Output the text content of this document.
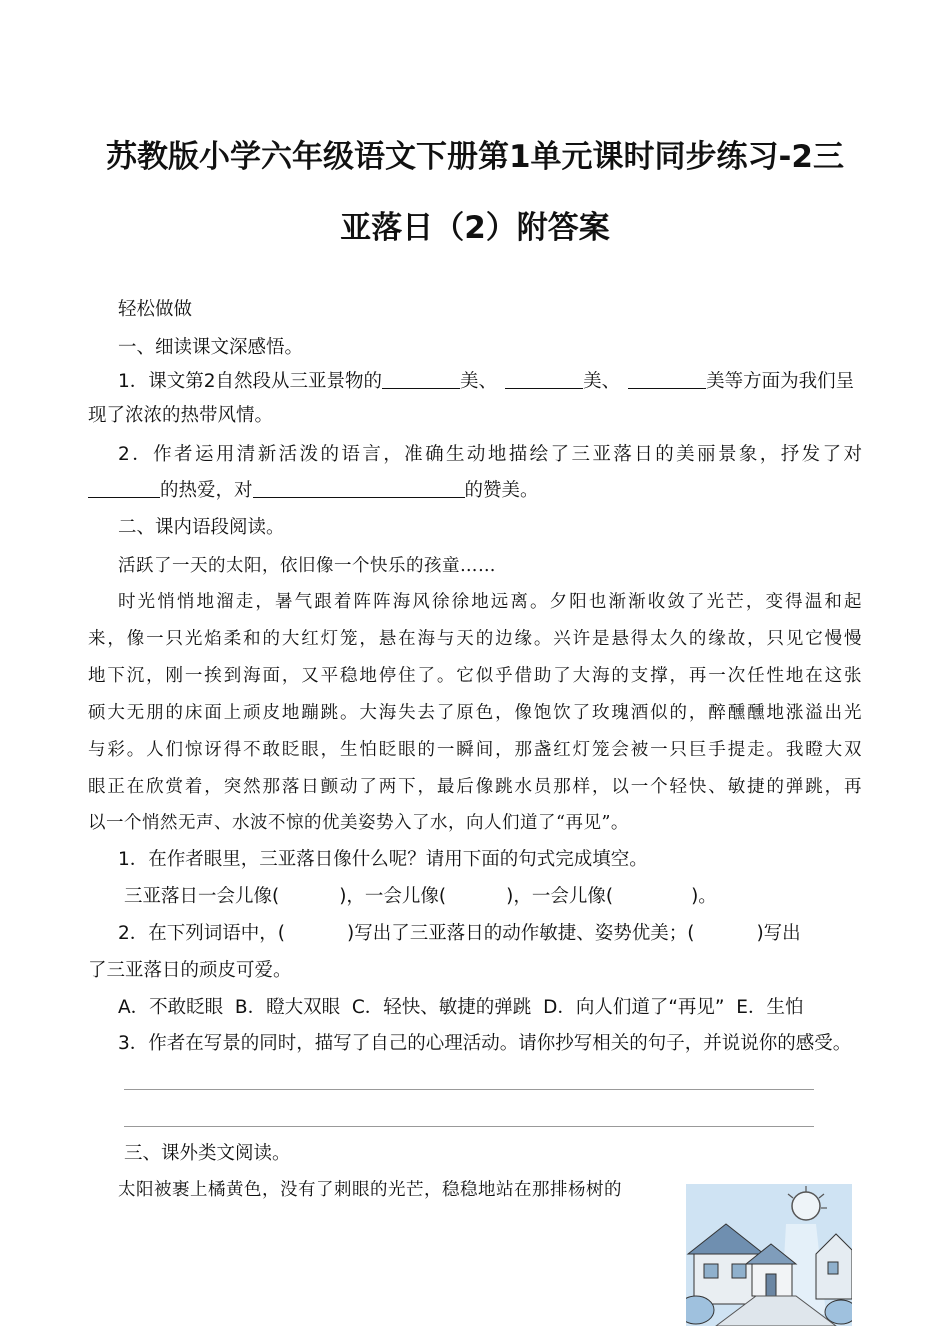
苏教版小学六年级语文下册第1单元课时同步练习-2三
亚落日（2）附答案
轻松做做
一、细读课文深感悟。
1．课文第2自然段从三亚景物的	美、	美、	美等方面为我们呈
现了浓浓的热带风情。
2．作者运用清新活泼的语言，准确生动地描绘了三亚落日的美丽景象，抒发了对
的热爱，对	的赞美。
二、课内语段阅读。
活跃了一天的太阳，依旧像一个快乐的孩童……
时光悄悄地溜走，暑气跟着阵阵海风徐徐地远离。夕阳也渐渐收敛了光芒，变得温和起
来，像一只光焰柔和的大红灯笼，悬在海与天的边缘。兴许是悬得太久的缘故，只见它慢慢
地下沉，刚一挨到海面，又平稳地停住了。它似乎借助了大海的支撑，再一次任性地在这张
硕大无朋的床面上顽皮地蹦跳。大海失去了原色，像饱饮了玫瑰酒似的，醉醺醺地涨溢出光
与彩。人们惊讶得不敢眨眼，生怕眨眼的一瞬间，那盏红灯笼会被一只巨手提走。我瞪大双
眼正在欣赏着，突然那落日颤动了两下，最后像跳水员那样，以一个轻快、敏捷的弹跳，再
以一个悄然无声、水波不惊的优美姿势入了水，向人们道了“再见”。
1．在作者眼里，三亚落日像什么呢？请用下面的句式完成填空。
三亚落日一会儿像(	)，一会儿像(	)，一会儿像(	)。
2．在下列词语中，(	)写出了三亚落日的动作敏捷、姿势优美；(	)写出
了三亚落日的顽皮可爱。
A．不敢眨眼 B．瞪大双眼 C．轻快、敏捷的弹跳 D．向人们道了“再见” E．生怕
3．作者在写景的同时，描写了自己的心理活动。请你抄写相关的句子，并说说你的感受。
三、课外类文阅读。
太阳被裹上橘黄色，没有了刺眼的光芒，稳稳地站在那排杨树的
